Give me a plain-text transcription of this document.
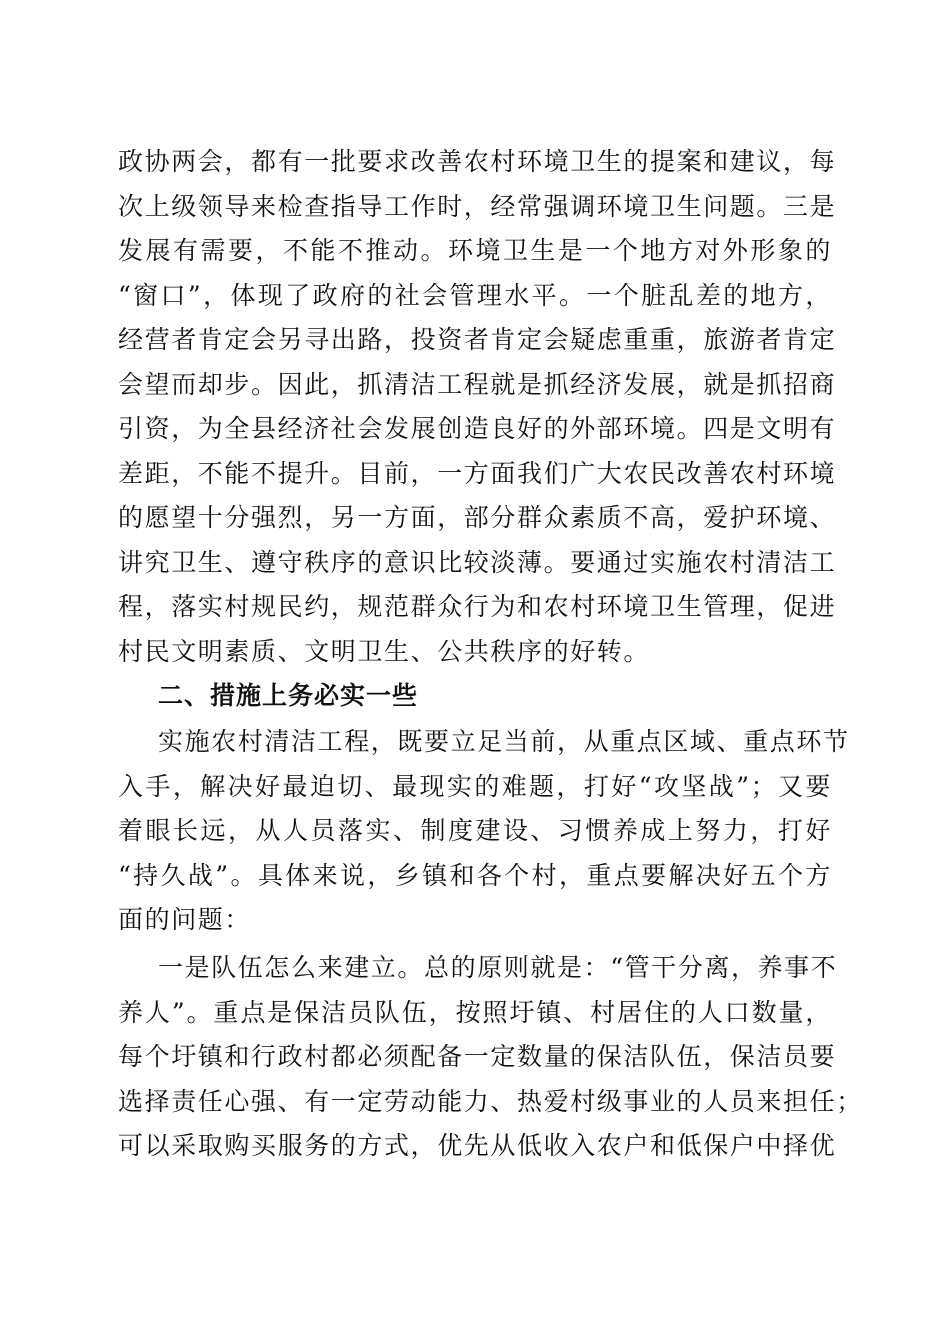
政协两会，都有一批要求改善农村环境卫生的提案和建议，每
次上级领导来检查指导工作时，经常强调环境卫生问题。三是
发展有需要，不能不推动。环境卫生是一个地方对外形象的
“窗口”，体现了政府的社会管理水平。一个脏乱差的地方，
经营者肯定会另寻出路，投资者肯定会疑虑重重，旅游者肯定
会望而却步。因此，抓清洁工程就是抓经济发展，就是抓招商
引资，为全县经济社会发展创造良好的外部环境。四是文明有
差距，不能不提升。目前，一方面我们广大农民改善农村环境
的愿望十分强烈，另一方面，部分群众素质不高，爱护环境、
讲究卫生、遵守秩序的意识比较淡薄。要通过实施农村清洁工
程，落实村规民约，规范群众行为和农村环境卫生管理，促进
村民文明素质、文明卫生、公共秩序的好转。
二、措施上务必实一些
实施农村清洁工程，既要立足当前，从重点区域、重点环节
入手，解决好最迫切、最现实的难题，打好“攻坚战”；又要
着眼长远，从人员落实、制度建设、习惯养成上努力，打好
“持久战”。具体来说，乡镇和各个村，重点要解决好五个方
面的问题：
一是队伍怎么来建立。总的原则就是：“管干分离，养事不
养人”。重点是保洁员队伍，按照圩镇、村居住的人口数量，
每个圩镇和行政村都必须配备一定数量的保洁队伍，保洁员要
选择责任心强、有一定劳动能力、热爱村级事业的人员来担任；
可以采取购买服务的方式，优先从低收入农户和低保户中择优
